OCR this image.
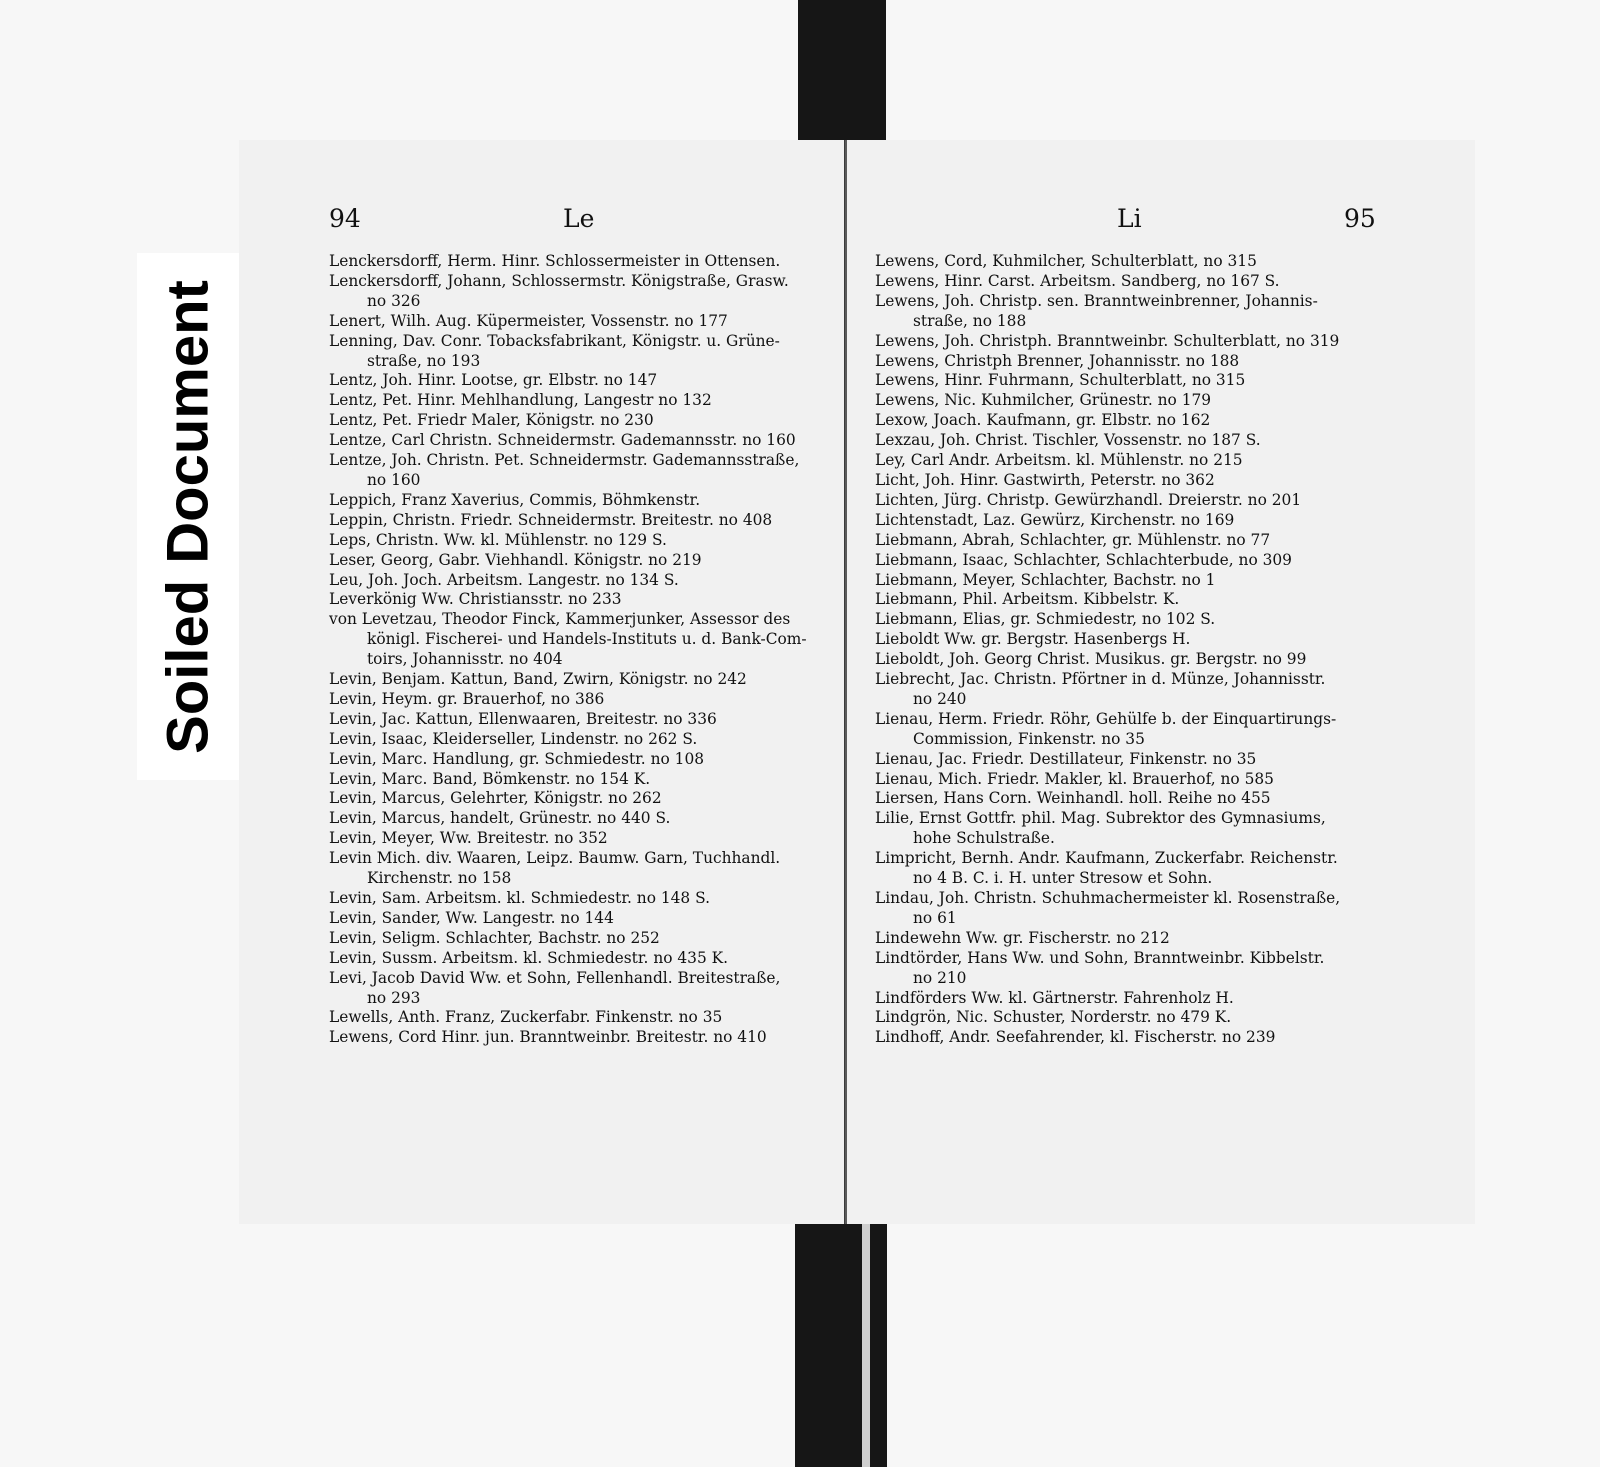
Soiled Document
94	Le
Lenckersdorff, Herm. Hinr. Schlossermeister in Ottensen.
Lenckersdorff, Johann, Schlossermstr. Königstraße, Grasw.
no 326
Lenert, Wilh. Aug. Küpermeister, Vossenstr. no 177
Lenning, Dav. Conr. Tobacksfabrikant, Königstr. u. Grüne-
straße, no 193
Lentz, Joh. Hinr. Lootse, gr. Elbstr. no 147
Lentz, Pet. Hinr. Mehlhandlung, Langestr no 132
Lentz, Pet. Friedr Maler, Königstr. no 230
Lentze, Carl Christn. Schneidermstr. Gademannsstr. no 160
Lentze, Joh. Christn. Pet. Schneidermstr. Gademannsstraße,
no 160
Leppich, Franz Xaverius, Commis, Böhmkenstr.
Leppin, Christn. Friedr. Schneidermstr. Breitestr. no 408
Leps, Christn. Ww. kl. Mühlenstr. no 129 S.
Leser, Georg, Gabr. Viehhandl. Königstr. no 219
Leu, Joh. Joch. Arbeitsm. Langestr. no 134 S.
Leverkönig Ww. Christiansstr. no 233
von Levetzau, Theodor Finck, Kammerjunker, Assessor des
königl. Fischerei- und Handels-Instituts u. d. Bank-Com-
toirs, Johannisstr. no 404
Levin, Benjam. Kattun, Band, Zwirn, Königstr. no 242
Levin, Heym. gr. Brauerhof, no 386
Levin, Jac. Kattun, Ellenwaaren, Breitestr. no 336
Levin, Isaac, Kleiderseller, Lindenstr. no 262 S.
Levin, Marc. Handlung, gr. Schmiedestr. no 108
Levin, Marc. Band, Bömkenstr. no 154 K.
Levin, Marcus, Gelehrter, Königstr. no 262
Levin, Marcus, handelt, Grünestr. no 440 S.
Levin, Meyer, Ww. Breitestr. no 352
Levin Mich. div. Waaren, Leipz. Baumw. Garn, Tuchhandl.
Kirchenstr. no 158
Levin, Sam. Arbeitsm. kl. Schmiedestr. no 148 S.
Levin, Sander, Ww. Langestr. no 144
Levin, Seligm. Schlachter, Bachstr. no 252
Levin, Sussm. Arbeitsm. kl. Schmiedestr. no 435 K.
Levi, Jacob David Ww. et Sohn, Fellenhandl. Breitestraße,
no 293
Lewells, Anth. Franz, Zuckerfabr. Finkenstr. no 35
Lewens, Cord Hinr. jun. Branntweinbr. Breitestr. no 410
Li	95
Lewens, Cord, Kuhmilcher, Schulterblatt, no 315
Lewens, Hinr. Carst. Arbeitsm. Sandberg, no 167 S.
Lewens, Joh. Christp. sen. Branntweinbrenner, Johannis-
straße, no 188
Lewens, Joh. Christph. Branntweinbr. Schulterblatt, no 319
Lewens, Christph Brenner, Johannisstr. no 188
Lewens, Hinr. Fuhrmann, Schulterblatt, no 315
Lewens, Nic. Kuhmilcher, Grünestr. no 179
Lexow, Joach. Kaufmann, gr. Elbstr. no 162
Lexzau, Joh. Christ. Tischler, Vossenstr. no 187 S.
Ley, Carl Andr. Arbeitsm. kl. Mühlenstr. no 215
Licht, Joh. Hinr. Gastwirth, Peterstr. no 362
Lichten, Jürg. Christp. Gewürzhandl. Dreierstr. no 201
Lichtenstadt, Laz. Gewürz, Kirchenstr. no 169
Liebmann, Abrah, Schlachter, gr. Mühlenstr. no 77
Liebmann, Isaac, Schlachter, Schlachterbude, no 309
Liebmann, Meyer, Schlachter, Bachstr. no 1
Liebmann, Phil. Arbeitsm. Kibbelstr. K.
Liebmann, Elias, gr. Schmiedestr, no 102 S.
Lieboldt Ww. gr. Bergstr. Hasenbergs H.
Lieboldt, Joh. Georg Christ. Musikus. gr. Bergstr. no 99
Liebrecht, Jac. Christn. Pförtner in d. Münze, Johannisstr.
no 240
Lienau, Herm. Friedr. Röhr, Gehülfe b. der Einquartirungs-
Commission, Finkenstr. no 35
Lienau, Jac. Friedr. Destillateur, Finkenstr. no 35
Lienau, Mich. Friedr. Makler, kl. Brauerhof, no 585
Liersen, Hans Corn. Weinhandl. holl. Reihe no 455
Lilie, Ernst Gottfr. phil. Mag. Subrektor des Gymnasiums,
hohe Schulstraße.
Limpricht, Bernh. Andr. Kaufmann, Zuckerfabr. Reichenstr.
no 4 B. C. i. H. unter Stresow et Sohn.
Lindau, Joh. Christn. Schuhmachermeister kl. Rosenstraße,
no 61
Lindewehn Ww. gr. Fischerstr. no 212
Lindtörder, Hans Ww. und Sohn, Branntweinbr. Kibbelstr.
no 210
Lindförders Ww. kl. Gärtnerstr. Fahrenholz H.
Lindgrön, Nic. Schuster, Norderstr. no 479 K.
Lindhoff, Andr. Seefahrender, kl. Fischerstr. no 239
